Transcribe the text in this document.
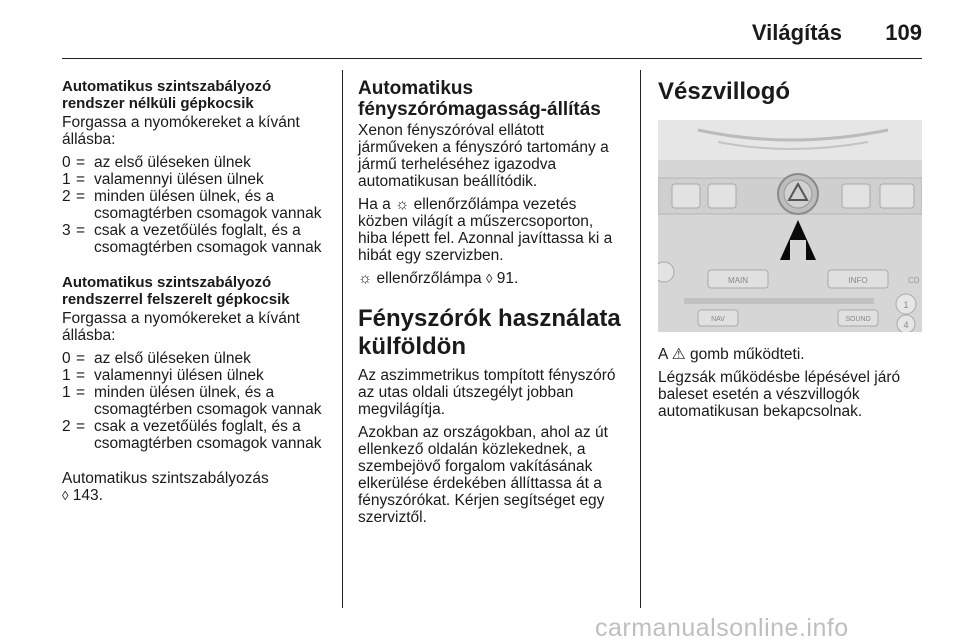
Világítás 109
Automatikus szintszabályozó rendszer nélküli gépkocsik

Forgassa a nyomókereket a kívánt állásba:

0 = az első üléseken ülnek
1 = valamennyi ülésen ülnek
2 = minden ülésen ülnek, és a csomagtérben csomagok vannak
3 = csak a vezetőülés foglalt, és a csomagtérben csomagok vannak
Automatikus szintszabályozó rendszerrel felszerelt gépkocsik

Forgassa a nyomókereket a kívánt állásba:

0 = az első üléseken ülnek
1 = valamennyi ülésen ülnek
1 = minden ülésen ülnek, és a csomagtérben csomagok vannak
2 = csak a vezetőülés foglalt, és a csomagtérben csomagok vannak

Automatikus szintszabályozás
◊ 143.

Automatikus fényszórómagasság-állítás

Xenon fényszóróval ellátott járműveken a fényszóró tartomány a jármű terheléséhez igazodva automatikusan beállítódik.

Ha a ☼ ellenőrzőlámpa vezetés közben világít a műszercsoporton, hiba lépett fel. Azonnal javíttassa ki a hibát egy szervizben.

☼ ellenőrzőlámpa ◊ 91.

Fényszórók használata külföldön

Az aszimmetrikus tompított fényszóró az utas oldali útszegélyt jobban megvilágítja.

Azokban az országokban, ahol az út ellenkező oldalán közlekednek, a szembejövő forgalom vakításának elkerülése érdekében állíttassa át a fényszórókat. Kérjen segítséget egy szerviztől.

Vészvillogó
MAIN	INFO	CD
NAV	SOUND
1
4

A ⚠ gomb működteti.

Légzsák működésbe lépésével járó baleset esetén a vészvillogók automatikusan bekapcsolnak.

carmanualsonline.info
